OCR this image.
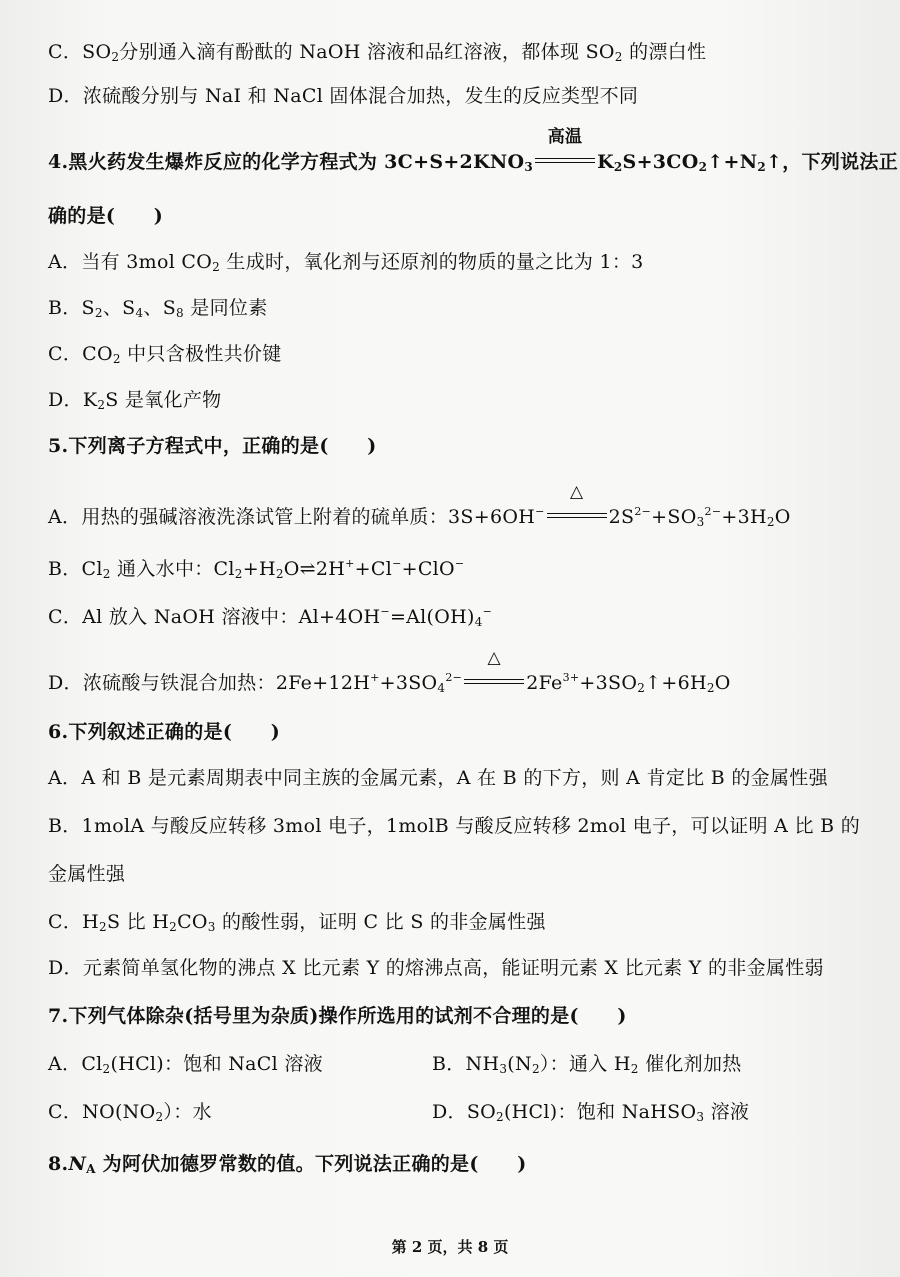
C．$SO_2$分别通入滴有酚酞的 NaOH 溶液和品红溶液，都体现 $SO_2$ 的漂白性
D．浓硫酸分别与 NaI 和 NaCl 固体混合加热，发生的反应类型不同
4.黑火药发生爆炸反应的化学方程式为 $3C+S+2KNO_3$
高温
$K_2S+3CO_2↑+N_2↑$，下列说法正
确的是(　　)
A．当有 3mol $CO_2$ 生成时，氧化剂与还原剂的物质的量之比为 1：3
B．$S_2$、$S_4$、$S_8$ 是同位素
C．$CO_2$ 中只含极性共价键
D．$K_2S$ 是氧化产物
5.下列离子方程式中，正确的是(　　)
A．用热的强碱溶液洗涤试管上附着的硫单质：3S+6OH−
△
$2S^{2-}+SO_3^{2-}+3H_2O$
B．$Cl_2$ 通入水中：$Cl_2+H_2O\rightleftharpoons 2H^++Cl^-+ClO^-$
C．Al 放入 NaOH 溶液中：$Al+4OH^-=Al(OH)_4^-$
D．浓硫酸与铁混合加热：$2Fe+12H^++3SO_4^{2-}$
△
$2Fe^{3+}+3SO_2↑+6H_2O$
6.下列叙述正确的是(　　)
A．A 和 B 是元素周期表中同主族的金属元素，A 在 B 的下方，则 A 肯定比 B 的金属性强
B．1molA 与酸反应转移 3mol 电子，1molB 与酸反应转移 2mol 电子，可以证明 A 比 B 的
金属性强
C．$H_2S$ 比 $H_2CO_3$ 的酸性弱，证明 C 比 S 的非金属性强
D．元素简单氢化物的沸点 X 比元素 Y 的熔沸点高，能证明元素 X 比元素 Y 的非金属性弱
7.下列气体除杂(括号里为杂质)操作所选用的试剂不合理的是(　　)
A．$Cl_2(HCl)$：饱和 NaCl 溶液	B．$NH_3(N_2)$：通入 $H_2$ 催化剂加热
C．$NO(NO_2)$：水	D．$SO_2(HCl)$：饱和 NaHSO$_3$ 溶液
$8.N_A$ 为阿伏加德罗常数的值。下列说法正确的是(　　)
第 2 页，共 8 页
